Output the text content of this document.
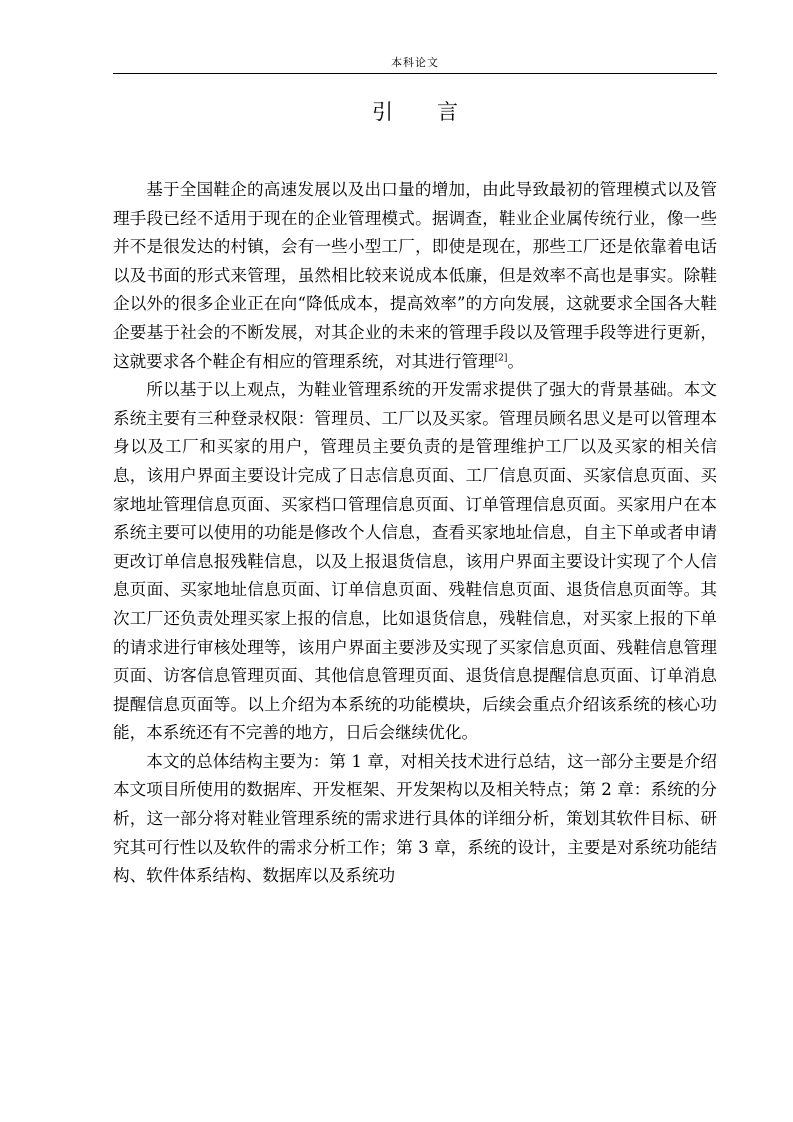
本科论文
引 言

基于全国鞋企的高速发展以及出口量的增加，由此导致最初的管理模式以及管理手段已经不适用于现在的企业管理模式。据调查，鞋业企业属传统行业，像一些并不是很发达的村镇，会有一些小型工厂，即使是现在，那些工厂还是依靠着电话以及书面的形式来管理，虽然相比较来说成本低廉，但是效率不高也是事实。除鞋企以外的很多企业正在向“降低成本，提高效率”的方向发展，这就要求全国各大鞋企要基于社会的不断发展，对其企业的未来的管理手段以及管理手段等进行更新，这就要求各个鞋企有相应的管理系统，对其进行管理[2]。

所以基于以上观点，为鞋业管理系统的开发需求提供了强大的背景基础。本文系统主要有三种登录权限：管理员、工厂以及买家。管理员顾名思义是可以管理本身以及工厂和买家的用户，管理员主要负责的是管理维护工厂以及买家的相关信息，该用户界面主要设计完成了日志信息页面、工厂信息页面、买家信息页面、买家地址管理信息页面、买家档口管理信息页面、订单管理信息页面。买家用户在本系统主要可以使用的功能是修改个人信息，查看买家地址信息，自主下单或者申请更改订单信息报残鞋信息，以及上报退货信息，该用户界面主要设计实现了个人信息页面、买家地址信息页面、订单信息页面、残鞋信息页面、退货信息页面等。其次工厂还负责处理买家上报的信息，比如退货信息，残鞋信息，对买家上报的下单的请求进行审核处理等，该用户界面主要涉及实现了买家信息页面、残鞋信息管理页面、访客信息管理页面、其他信息管理页面、退货信息提醒信息页面、订单消息提醒信息页面等。以上介绍为本系统的功能模块，后续会重点介绍该系统的核心功能，本系统还有不完善的地方，日后会继续优化。

本文的总体结构主要为：第 1 章，对相关技术进行总结，这一部分主要是介绍本文项目所使用的数据库、开发框架、开发架构以及相关特点；第 2 章：系统的分析，这一部分将对鞋业管理系统的需求进行具体的详细分析，策划其软件目标、研究其可行性以及软件的需求分析工作；第 3 章，系统的设计，主要是对系统功能结构、软件体系结构、数据库以及系统功
